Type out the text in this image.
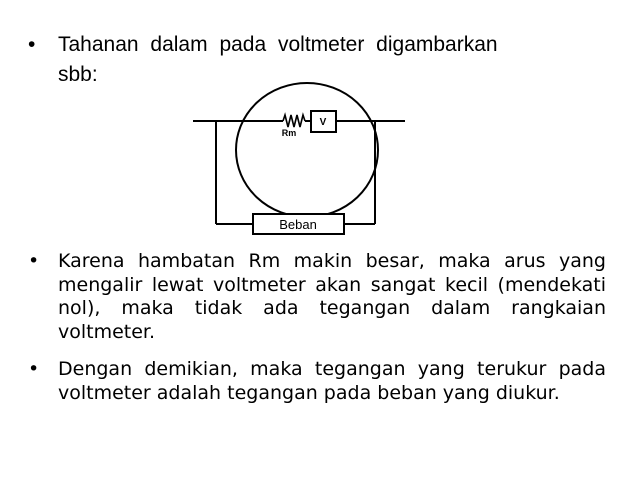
• Tahanan dalam pada voltmeter digambarkan
sbb:
Rm
V
Beban
• Karena hambatan Rm makin besar, maka arus yang mengalir lewat voltmeter akan sangat kecil (mendekati nol), maka tidak ada tegangan dalam rangkaian voltmeter.
• Dengan demikian, maka tegangan yang terukur pada voltmeter adalah tegangan pada beban yang diukur.
